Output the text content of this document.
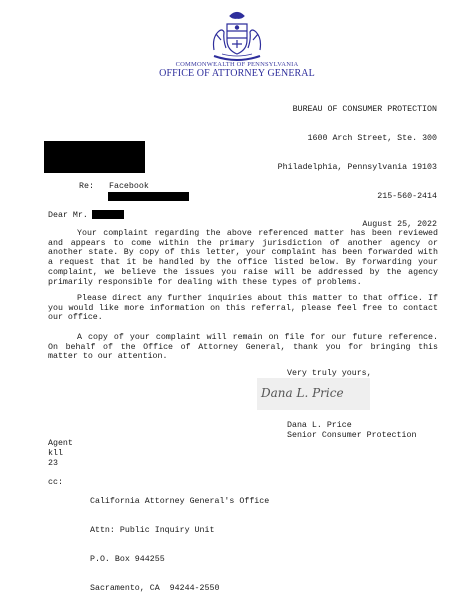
COMMONWEALTH OF PENNSYLVANIA
OFFICE OF ATTORNEY GENERAL

BUREAU OF CONSUMER PROTECTION

1600 Arch Street, Ste. 300

Philadelphia, Pennsylvania 19103

215-560-2414

August 25, 2022

Re: Facebook
Dear Mr.
Your complaint regarding the above referenced matter has been reviewed and appears to come within the primary jurisdiction of another agency or another state. By copy of this letter, your complaint has been forwarded with a request that it be handled by the office listed below. By forwarding your complaint, we believe the issues you raise will be addressed by the agency primarily responsible for dealing with these types of problems.
Please direct any further inquiries about this matter to that office. If you would like more information on this referral, please feel free to contact our office.
A copy of your complaint will remain on file for our future reference. On behalf of the Office of Attorney General, thank you for bringing this matter to our attention.
Very truly yours,
Dana L. Price
Dana L. Price
Senior Consumer Protection
Agent
kll
23
cc:

California Attorney General's Office

Attn: Public Inquiry Unit

P.O. Box 944255

Sacramento, CA  94244-2550
